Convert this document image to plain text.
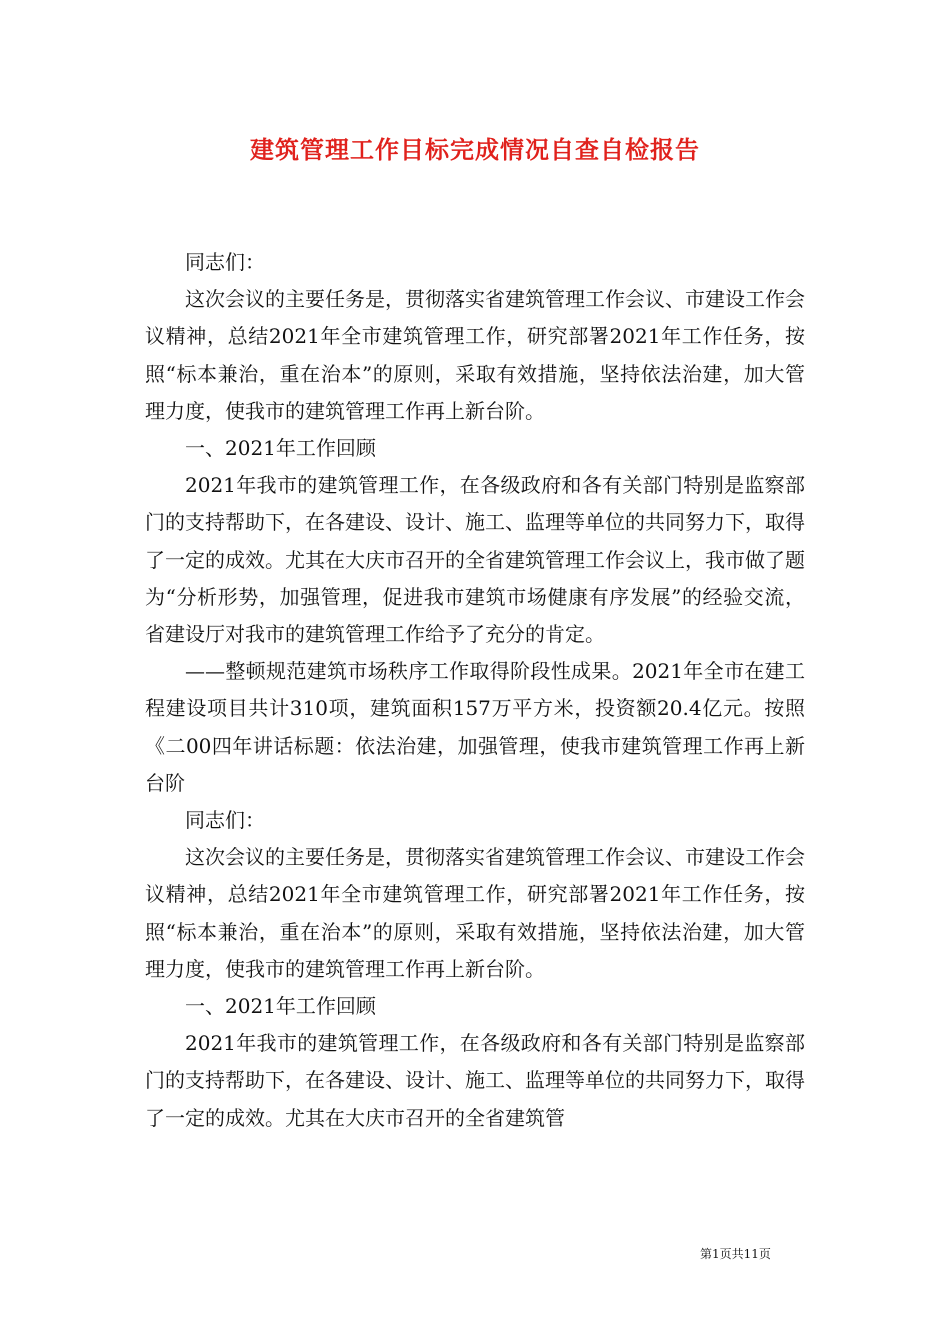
建筑管理工作目标完成情况自查自检报告

同志们：

这次会议的主要任务是，贯彻落实省建筑管理工作会议、市建设工作会议精神，总结2021年全市建筑管理工作，研究部署2021年工作任务，按照“标本兼治，重在治本”的原则，采取有效措施，坚持依法治建，加大管理力度，使我市的建筑管理工作再上新台阶。

一、2021年工作回顾

2021年我市的建筑管理工作，在各级政府和各有关部门特别是监察部门的支持帮助下，在各建设、设计、施工、监理等单位的共同努力下，取得了一定的成效。尤其在大庆市召开的全省建筑管理工作会议上，我市做了题为“分析形势，加强管理，促进我市建筑市场健康有序发展”的经验交流，省建设厅对我市的建筑管理工作给予了充分的肯定。

——整顿规范建筑市场秩序工作取得阶段性成果。2021年全市在建工程建设项目共计310项，建筑面积157万平方米，投资额20.4亿元。按照《二00四年讲话标题：依法治建，加强管理，使我市建筑管理工作再上新台阶

同志们：

这次会议的主要任务是，贯彻落实省建筑管理工作会议、市建设工作会议精神，总结2021年全市建筑管理工作，研究部署2021年工作任务，按照“标本兼治，重在治本”的原则，采取有效措施，坚持依法治建，加大管理力度，使我市的建筑管理工作再上新台阶。

一、2021年工作回顾

2021年我市的建筑管理工作，在各级政府和各有关部门特别是监察部门的支持帮助下，在各建设、设计、施工、监理等单位的共同努力下，取得了一定的成效。尤其在大庆市召开的全省建筑管

第1页共11页
